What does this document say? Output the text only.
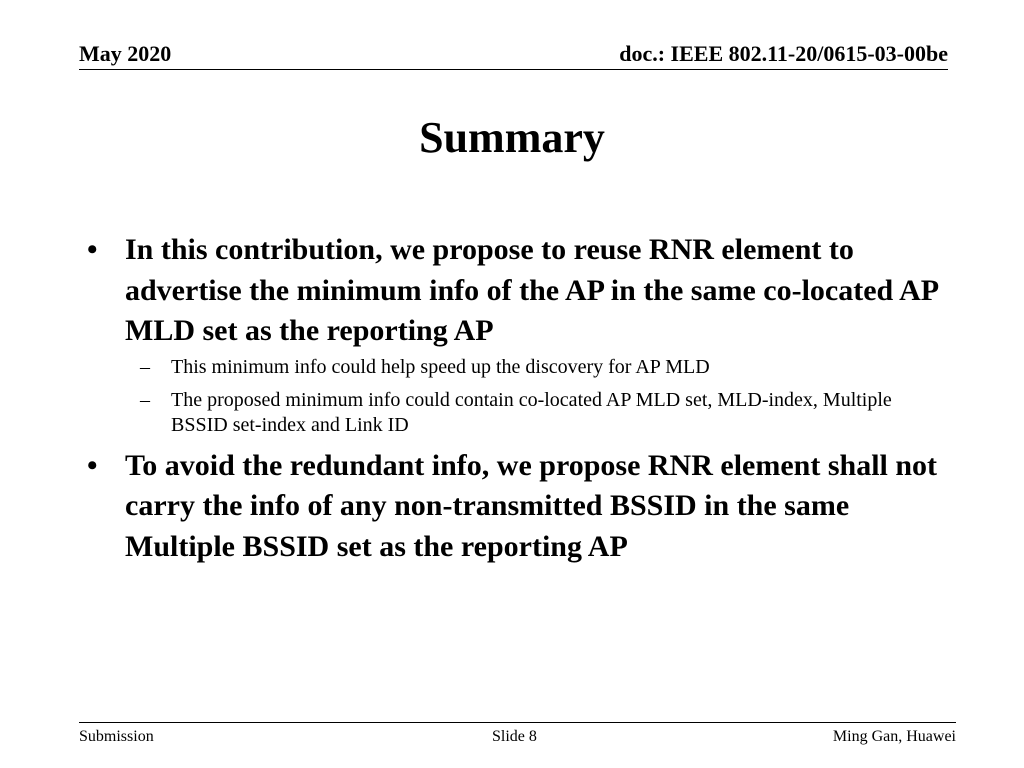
May 2020	doc.: IEEE 802.11-20/0615-03-00be
Summary
• In this contribution, we propose to reuse RNR element to advertise the minimum info of the AP in the same co-located AP MLD set as the reporting AP
– This minimum info could help speed up the discovery for AP MLD
– The proposed minimum info could contain co-located AP MLD set, MLD-index, Multiple BSSID set-index and Link ID
• To avoid the redundant info, we propose RNR element shall not carry the info of any non-transmitted BSSID in the same Multiple BSSID set as the reporting AP
Submission	Slide 8	Ming Gan, Huawei
